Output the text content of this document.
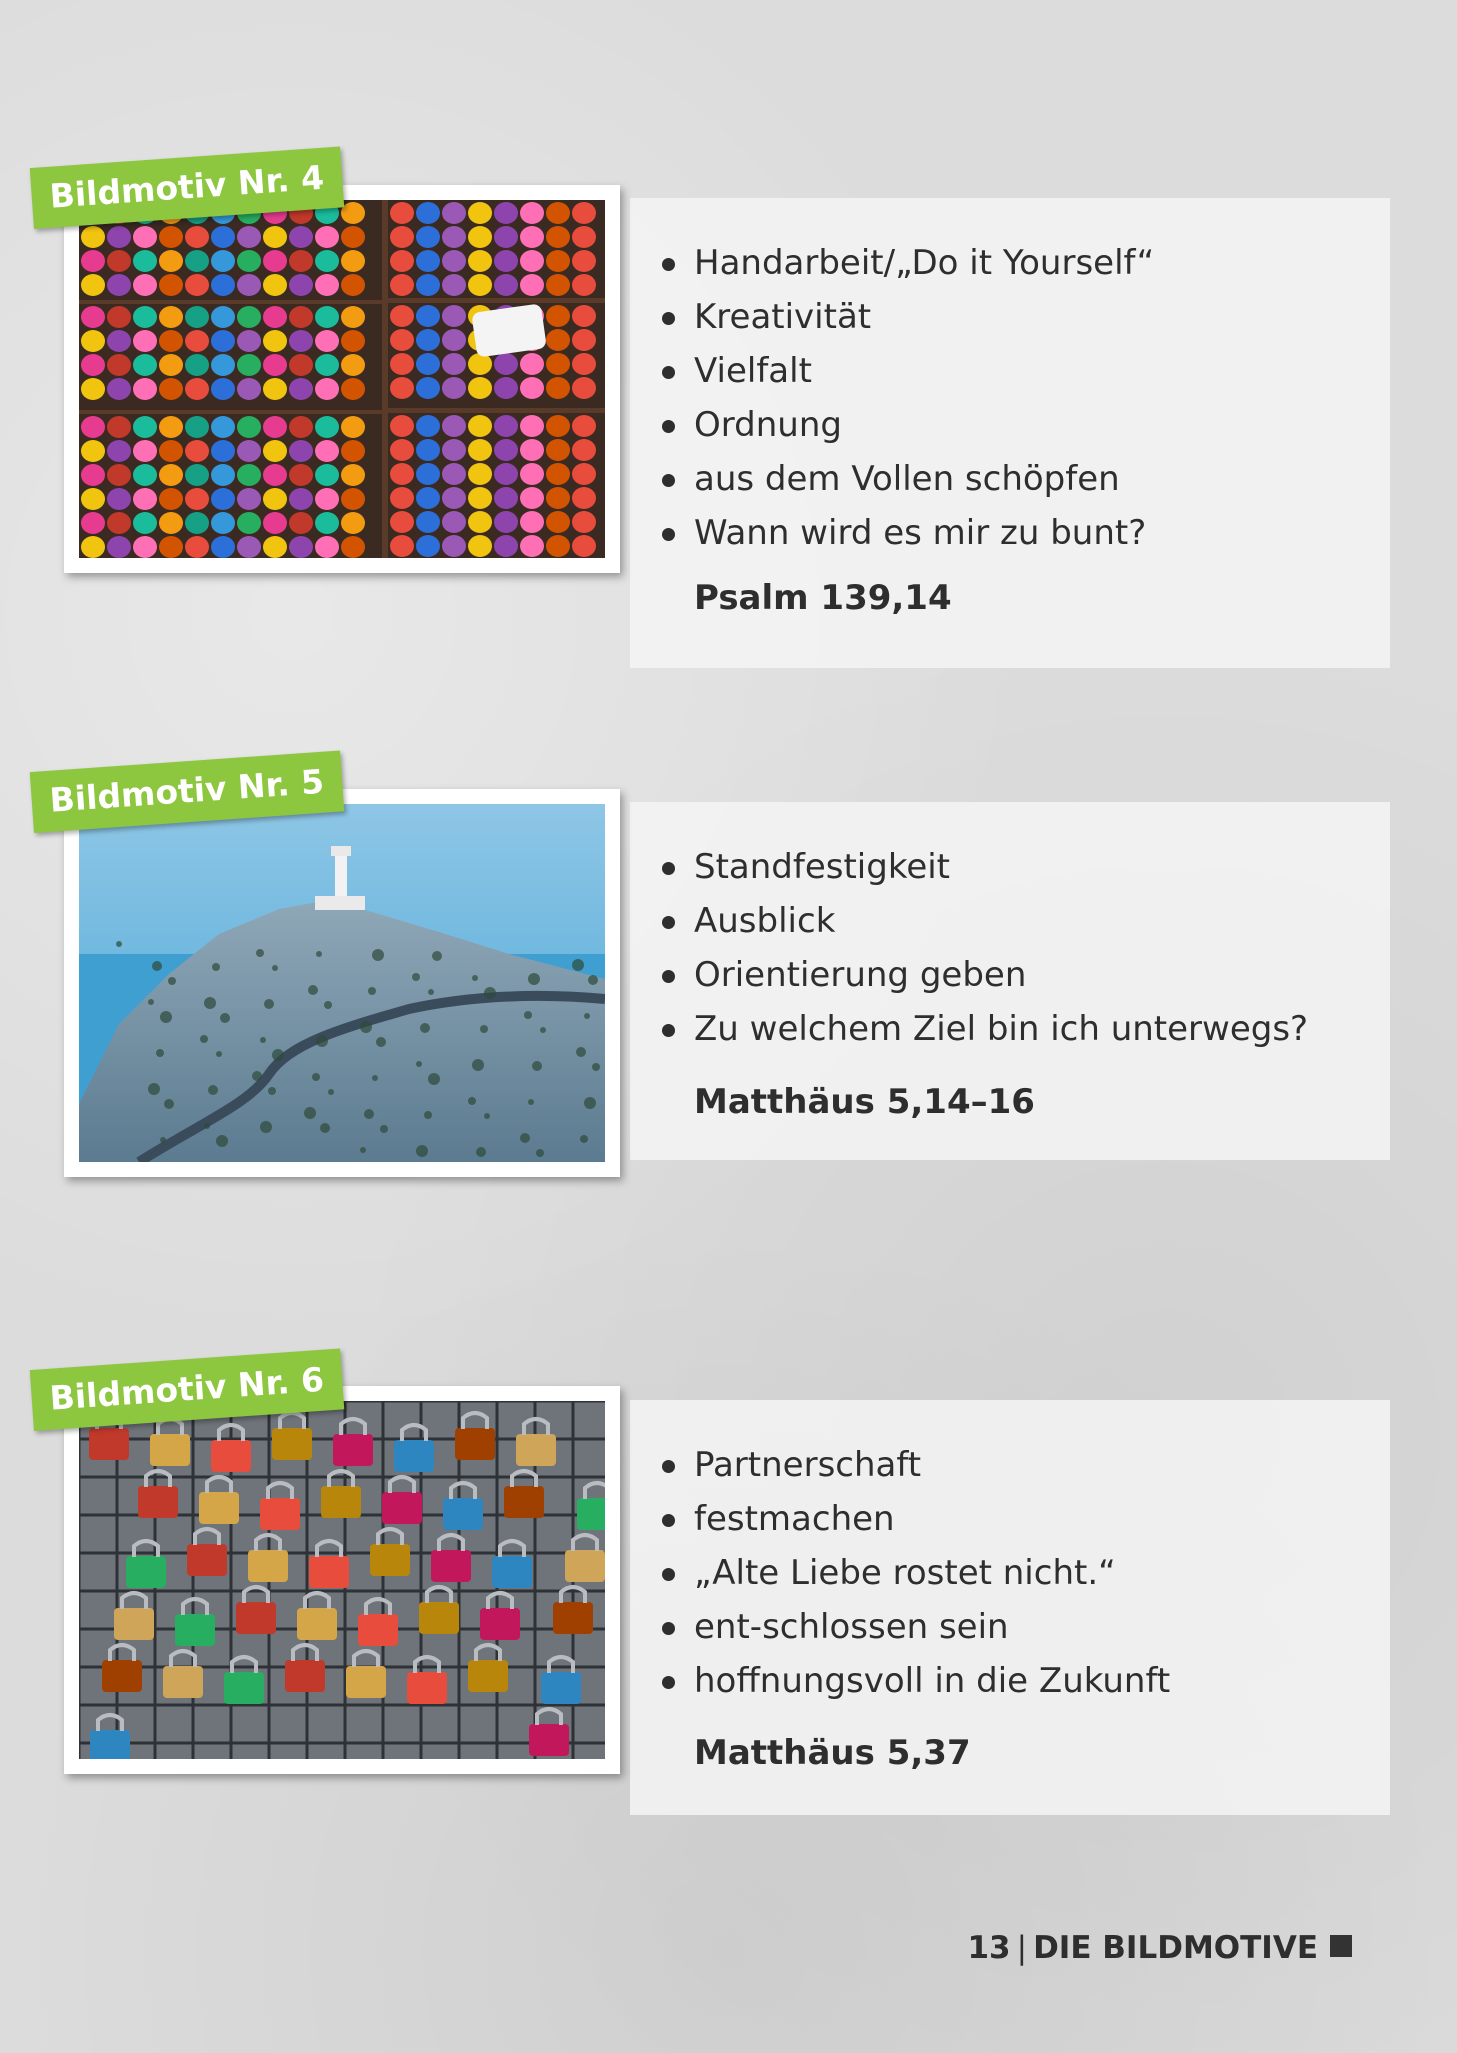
Handarbeit/„Do it Yourself“
Kreativität
Vielfalt
Ordnung
aus dem Vollen schöpfen
Wann wird es mir zu bunt?
Psalm 139,14
Bildmotiv Nr. 4
Standfestigkeit
Ausblick
Orientierung geben
Zu welchem Ziel bin ich unterwegs?
Matthäus 5,14–16
Bildmotiv Nr. 5
Partnerschaft
festmachen
„Alte Liebe rostet nicht.“
ent-schlossen sein
hoffnungsvoll in die Zukunft
Matthäus 5,37
Bildmotiv Nr. 6
13 | DIE BILDMOTIVE
